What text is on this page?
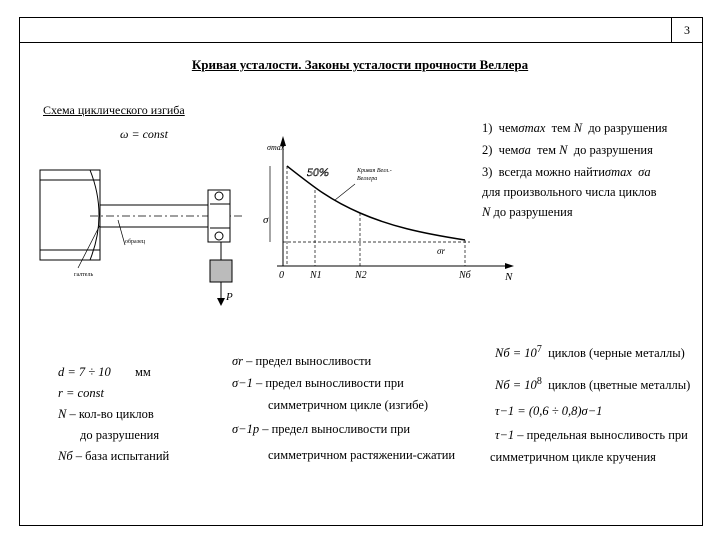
3
Кривая усталости. Законы усталости прочности Веллера
Схема циклического изгиба
ω = const
P
образец
галтель
σmax
σ
0	N
N1	N2	Nб
50%	Кривая Велл.-
Веллера
σr
1) чемσmax тем N до разрушения
2) чемσa тем N до разрушения
3) всегда можно найтиσmax σa
для произвольного числа циклов
N до разрушения
d = 7 ÷ 10 мм
r = const
N – кол-во циклов
до разрушения
Nб – база испытаний
σr – предел выносливости
σ−1 – предел выносливости при
симметричном цикле (изгибе)
σ−1p – предел выносливости при
симметричном растяжении-сжатии
Nб = $10^7$ циклов (черные металлы)
Nб = $10^8$ циклов (цветные металлы)
τ−1 = (0,6 ÷ 0,8)σ−1
τ−1 – предельная выносливость при
симметричном цикле кручения
